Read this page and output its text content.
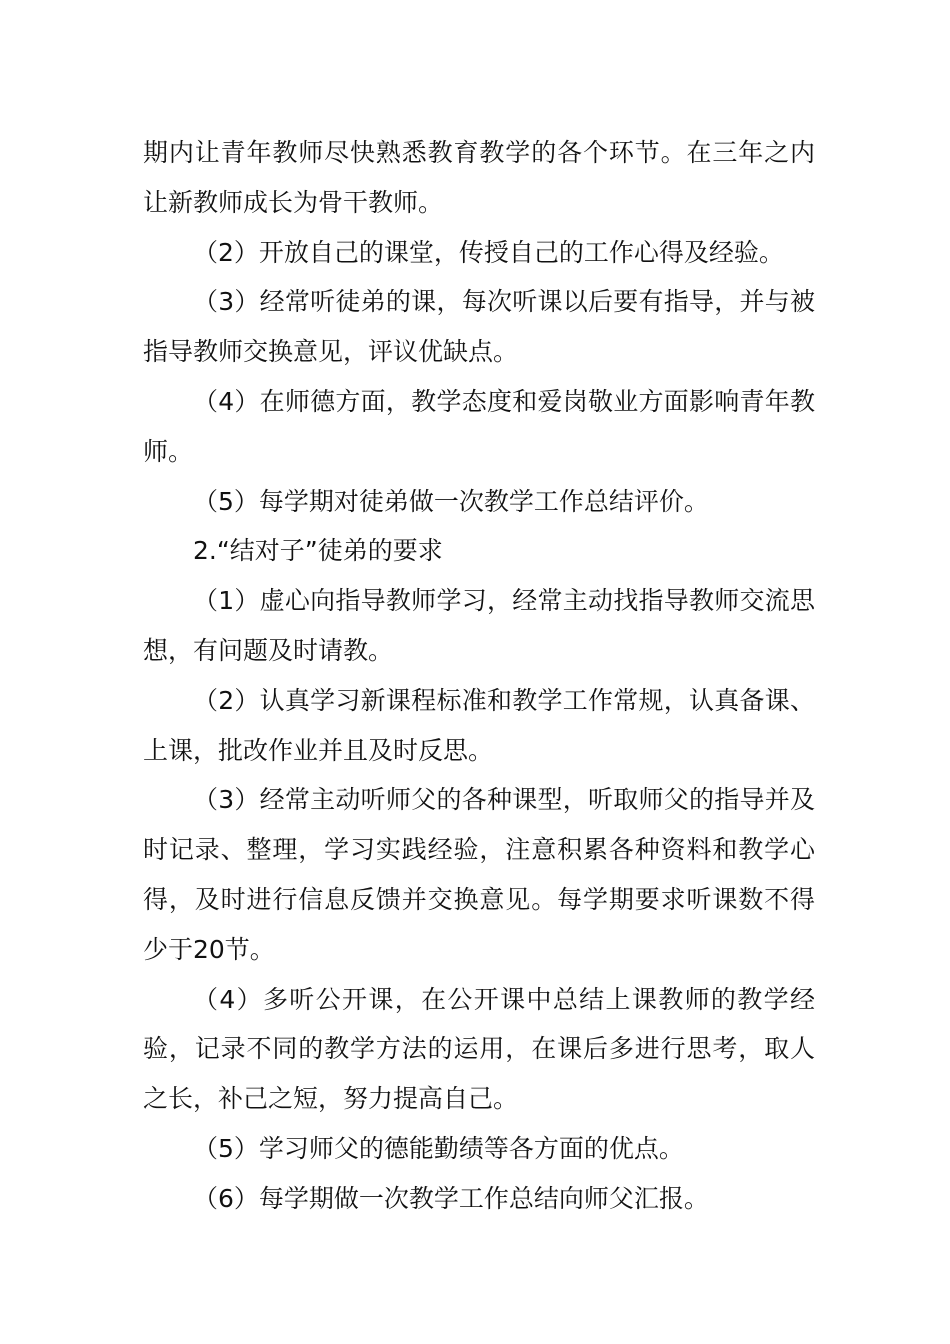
期内让青年教师尽快熟悉教育教学的各个环节。在三年之内让新教师成长为骨干教师。

（2）开放自己的课堂，传授自己的工作心得及经验。

（3）经常听徒弟的课，每次听课以后要有指导，并与被指导教师交换意见，评议优缺点。

（4）在师德方面，教学态度和爱岗敬业方面影响青年教师。

（5）每学期对徒弟做一次教学工作总结评价。

2.“结对子”徒弟的要求

（1）虚心向指导教师学习，经常主动找指导教师交流思想，有问题及时请教。

（2）认真学习新课程标准和教学工作常规，认真备课、上课，批改作业并且及时反思。

（3）经常主动听师父的各种课型，听取师父的指导并及时记录、整理，学习实践经验，注意积累各种资料和教学心得，及时进行信息反馈并交换意见。每学期要求听课数不得少于20节。

（4）多听公开课，在公开课中总结上课教师的教学经验，记录不同的教学方法的运用，在课后多进行思考，取人之长，补己之短，努力提高自己。

（5）学习师父的德能勤绩等各方面的优点。

（6）每学期做一次教学工作总结向师父汇报。
